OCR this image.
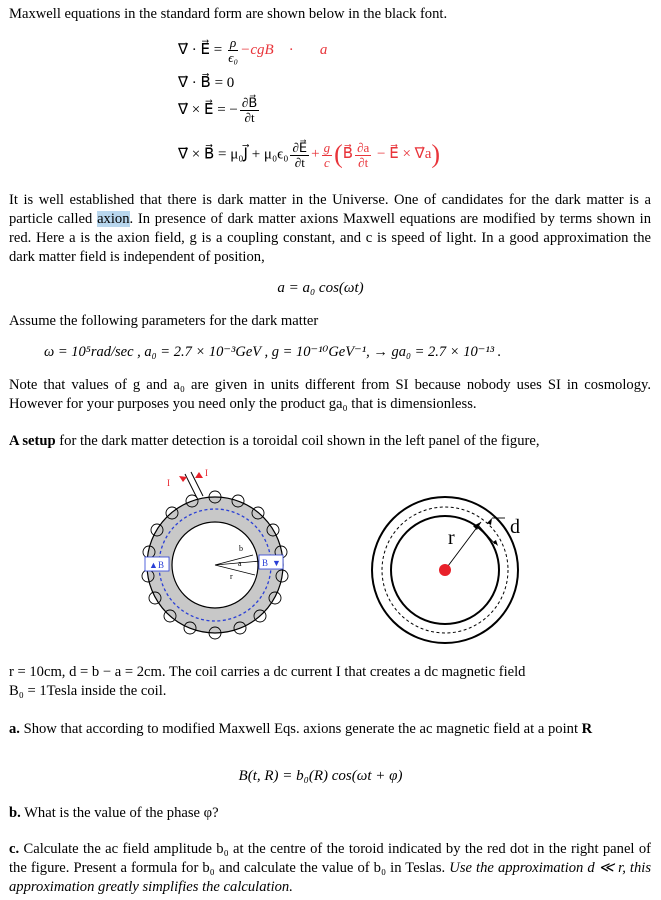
Maxwell equations in the standard form are shown below in the black font.
∇⃗ · E⃗ = $\frac{\rho}{\text{ϵ₀}}$ −cgB⃗ · ∇⃗a
∇⃗ · B⃗ = 0
∇⃗ × E⃗ = − $\frac{\partial B⃗}{\partial t}$
∇⃗ × B⃗ = μ₀J⃗ + $\mu_0\epsilon_0 \frac{\partial E⃗}{\partial t} + \frac{g}{c}$ (B⃗ $\frac{\partial a}{\partial t}$ − E⃗ × ∇⃗a)
It is well established that there is dark matter in the Universe. One of candidates for the dark matter is a particle called axion. In presence of dark matter axions Maxwell equations are modified by terms shown in red. Here a is the axion field, g is a coupling constant, and c is speed of light. In a good approximation the dark matter field is independent of position,
a = a₀ cos(ωt)
Assume the following parameters for the dark matter
ω = 10⁵rad/sec , a₀ = 2.7 × 10⁻³GeV , g = 10⁻¹⁰GeV⁻¹, → ga₀ = 2.7 × 10⁻¹³ .
Note that values of g and a₀ are given in units different from SI because nobody uses SI in cosmology. However for your purposes you need only the product ga₀ that is dimensionless.
A setup for the dark matter detection is a toroidal coil shown in the left panel of the figure,
b
a
r
▲ B	B ▼
I
I
r	d
r = 10cm, d = b − a = 2cm. The coil carries a dc current I that creates a dc magnetic field
B₀ = 1Tesla inside the coil.
a. Show that according to modified Maxwell Eqs. axions generate the ac magnetic field at a point R
B(t, R) = b₀(R) cos(ωt + φ)
b. What is the value of the phase φ?
c. Calculate the ac field amplitude b₀ at the centre of the toroid indicated by the red dot in the right panel of the figure. Present a formula for b₀ and calculate the value of b₀ in Teslas. Use the approximation d ≪ r, this approximation greatly simplifies the calculation.
